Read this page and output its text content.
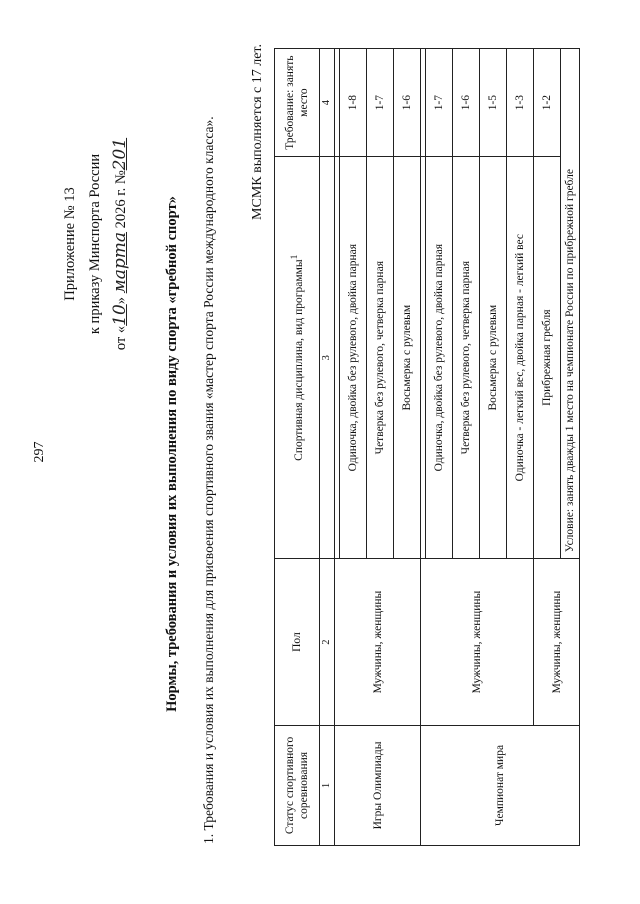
297
Приложение № 13 к приказу Минспорта России
от «10» марта 2026 г. №201
Нормы, требования и условия их выполнения по виду спорта «гребной спорт» 1. Требования и условия их выполнения для присвоения спортивного звания «мастер спорта России международного класса». МСМК выполняется с 17 лет.
Статус спортивного соревнования	Пол	Спортивная дисциплина, вид программы$^1$	Требование: занять место
1	2	3	4
Игры Олимпиады	Мужчины, женщины		
		Одиночка, двойка без рулевого, двойка парная	1-8
		Четверка без рулевого, четверка парная	1-7
		Восьмерка с рулевым	1-6
Чемпионат мира	Мужчины, женщины		
		Одиночка, двойка без рулевого, двойка парная	1-7
		Четверка без рулевого, четверка парная	1-6
		Восьмерка с рулевым	1-5
		Одиночка - легкий вес, двойка парная - легкий вес	1-3
	Мужчины, женщины	Прибрежная гребля	1-2
		Условие: занять дважды 1 место на чемпионате России по прибрежной гребле	
